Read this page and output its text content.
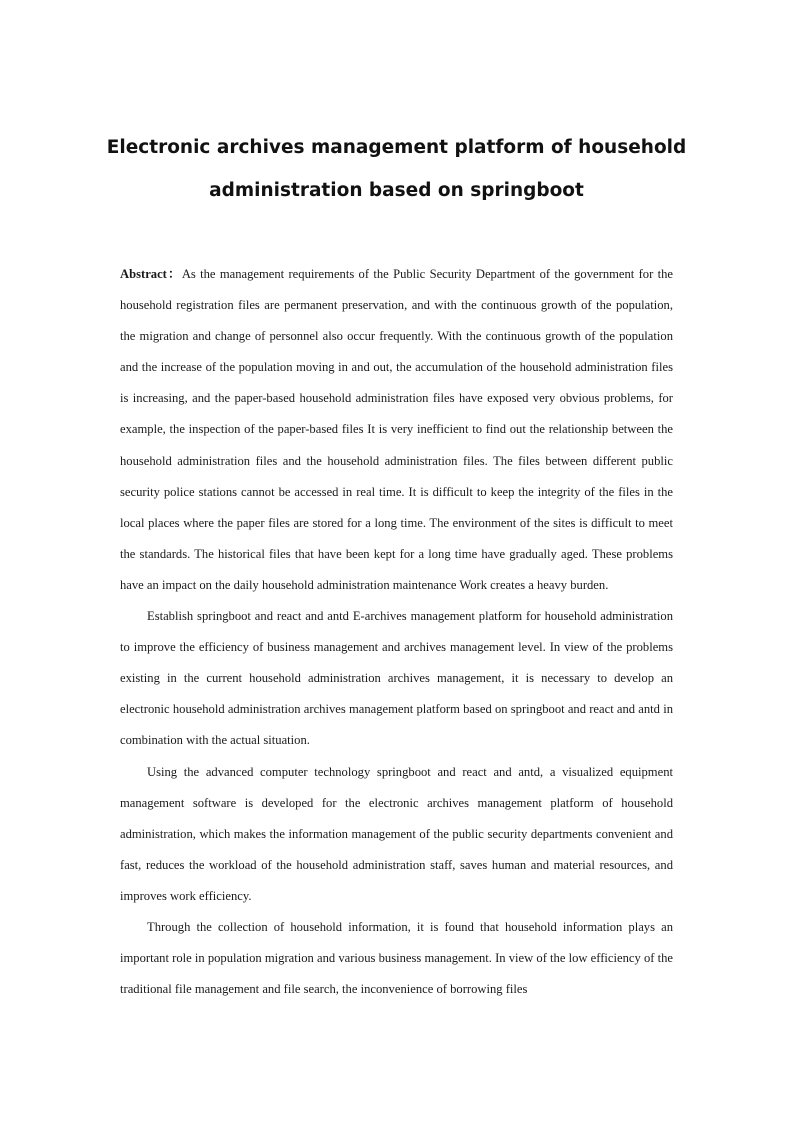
Electronic archives management platform of household
administration based on springboot

Abstract：As the management requirements of the Public Security Department of the government for the household registration files are permanent preservation, and with the continuous growth of the population, the migration and change of personnel also occur frequently. With the continuous growth of the population and the increase of the population moving in and out, the accumulation of the household administration files is increasing, and the paper-based household administration files have exposed very obvious problems, for example, the inspection of the paper-based files It is very inefficient to find out the relationship between the household administration files and the household administration files. The files between different public security police stations cannot be accessed in real time. It is difficult to keep the integrity of the files in the local places where the paper files are stored for a long time. The environment of the sites is difficult to meet the standards. The historical files that have been kept for a long time have gradually aged. These problems have an impact on the daily household administration maintenance Work creates a heavy burden.

Establish springboot and react and antd E-archives management platform for household administration to improve the efficiency of business management and archives management level. In view of the problems existing in the current household administration archives management, it is necessary to develop an electronic household administration archives management platform based on springboot and react and antd in combination with the actual situation.

Using the advanced computer technology springboot and react and antd, a visualized equipment management software is developed for the electronic archives management platform of household administration, which makes the information management of the public security departments convenient and fast, reduces the workload of the household administration staff, saves human and material resources, and improves work efficiency.

Through the collection of household information, it is found that household information plays an important role in population migration and various business management. In view of the low efficiency of the traditional file management and file search, the inconvenience of borrowing files
